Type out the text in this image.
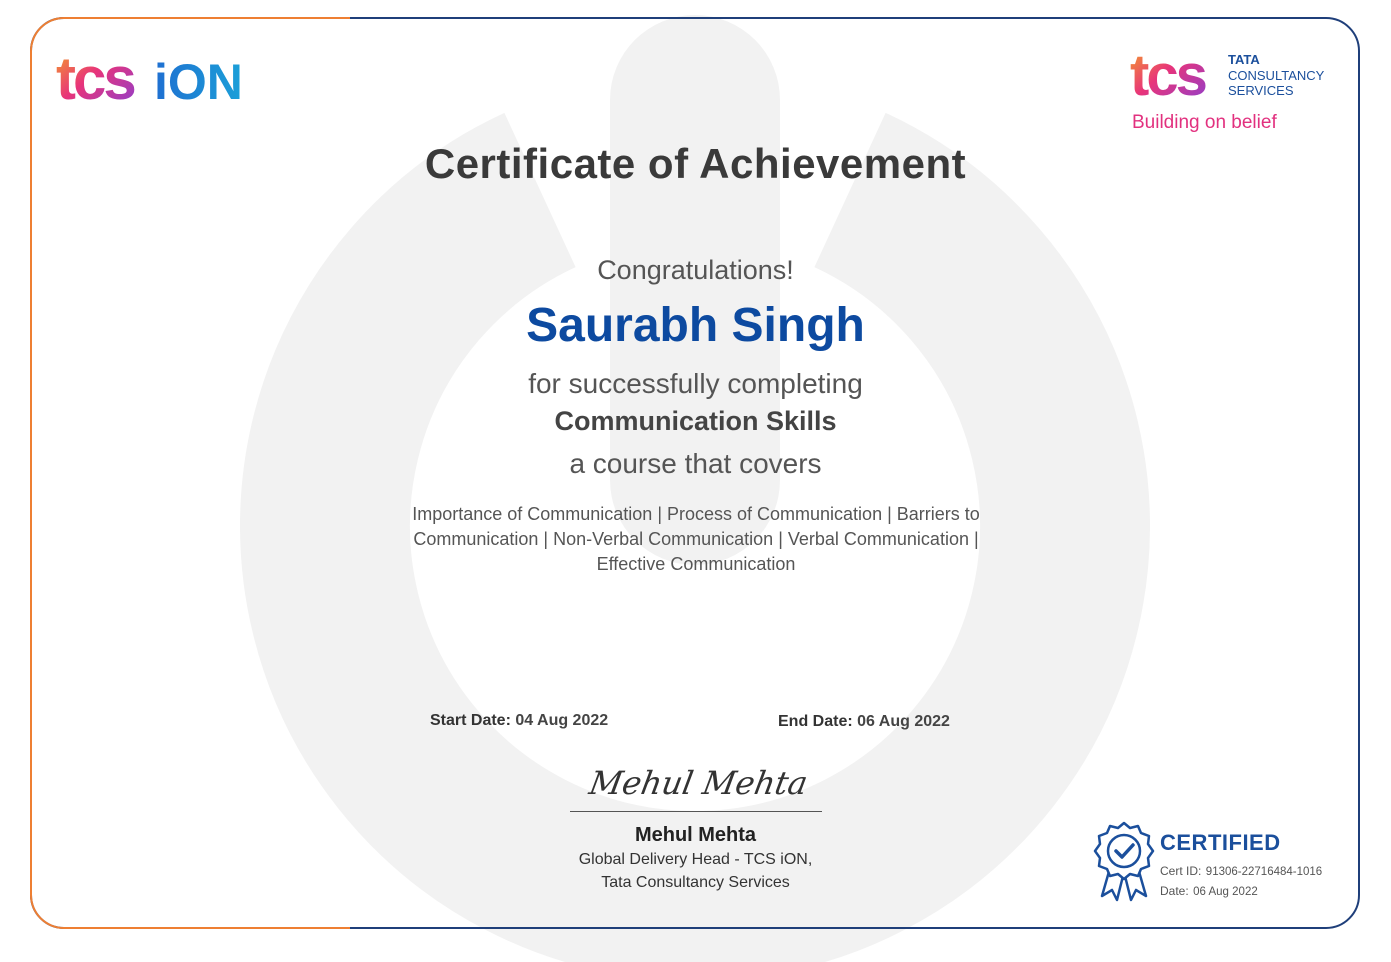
tcs iON	tcs TATA
CONSULTANCY
SERVICES
Building on belief
Certificate of Achievement
Congratulations!
Saurabh Singh
for successfully completing
Communication Skills
a course that covers
Importance of Communication | Process of Communication | Barriers to
Communication | Non-Verbal Communication | Verbal Communication |
Effective Communication
Start Date: 04 Aug 2022	End Date: 06 Aug 2022
Mehul Mehta
Mehul Mehta
Global Delivery Head - TCS iON,
Tata Consultancy Services
CERTIFIED
Cert ID: 91306-22716484-1016
Date: 06 Aug 2022
